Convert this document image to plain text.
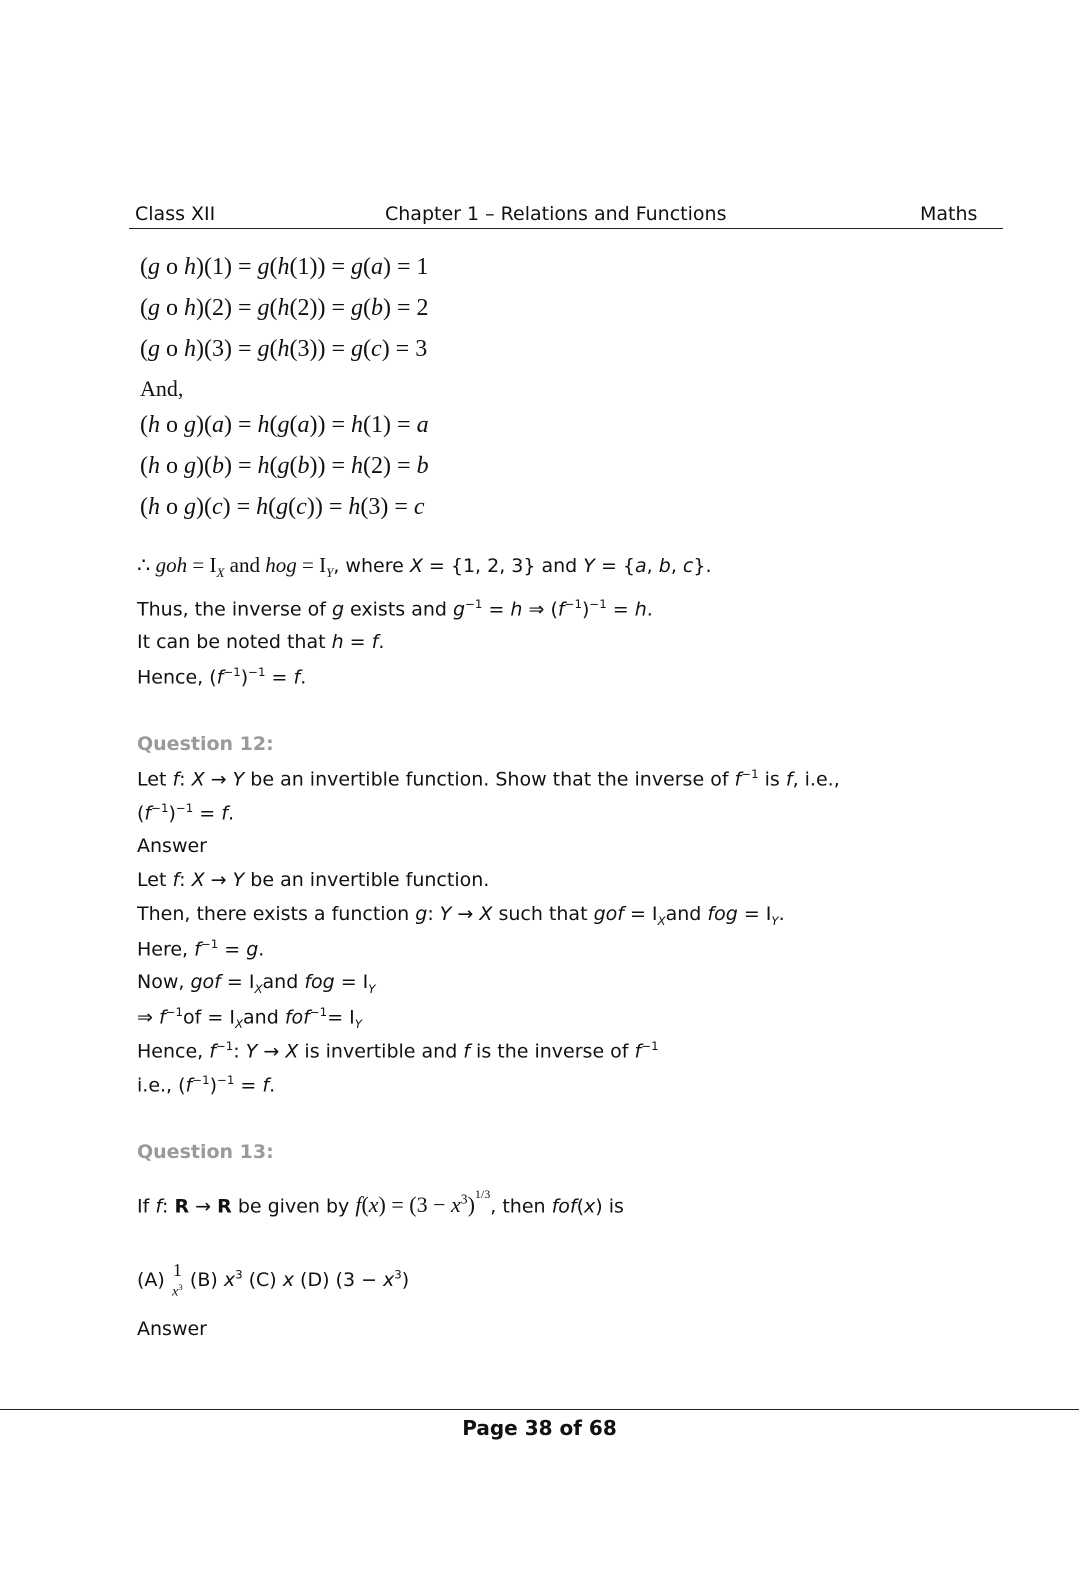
Class XII	Chapter 1 – Relations and Functions	Maths
(g o h)(1) = g(h(1)) = g(a) = 1
(g o h)(2) = g(h(2)) = g(b) = 2
(g o h)(3) = g(h(3)) = g(c) = 3
And,
(h o g)(a) = h(g(a)) = h(1) = a
(h o g)(b) = h(g(b)) = h(2) = b
(h o g)(c) = h(g(c)) = h(3) = c
∴ goh = $I_X$ and hog = $I_Y$, where X = {1, 2, 3} and Y = {a, b, c}.
Thus, the inverse of g exists and $g^{-1} = h$ ⇒ $(f^{-1})^{-1} = h$.
It can be noted that h = f.
Hence, $(f^{-1})^{-1} = f$.
Question 12:
Let f: X → Y be an invertible function. Show that the inverse of $f^{-1}$ is f, i.e.,
$(f^{-1})^{-1} = f$.
Answer
Let f: X → Y be an invertible function.
Then, there exists a function g: Y → X such that gof = $I_Xand$ fog = $I_Y$.
Here, $f^{-1} = g$.
Now, gof = $I_Xand$ fog = $I_Y$
⇒ $f^{-1}of = I_Xand$ $fof^{-1}= I_Y$
Hence, $f^{-1}$: Y → X is invertible and f is the inverse of $f^{-1}$
i.e., $(f^{-1})^{-1} = f$.
Question 13:
If f: R → R be given by $f(x) = (3 - x^3)^{1/3}$, then fof(x) is
$(A) \frac{1}{x^3} (B)$ $x^3$ (C) x (D) $(3 - x^3)$
Answer
Page 38 of 68
